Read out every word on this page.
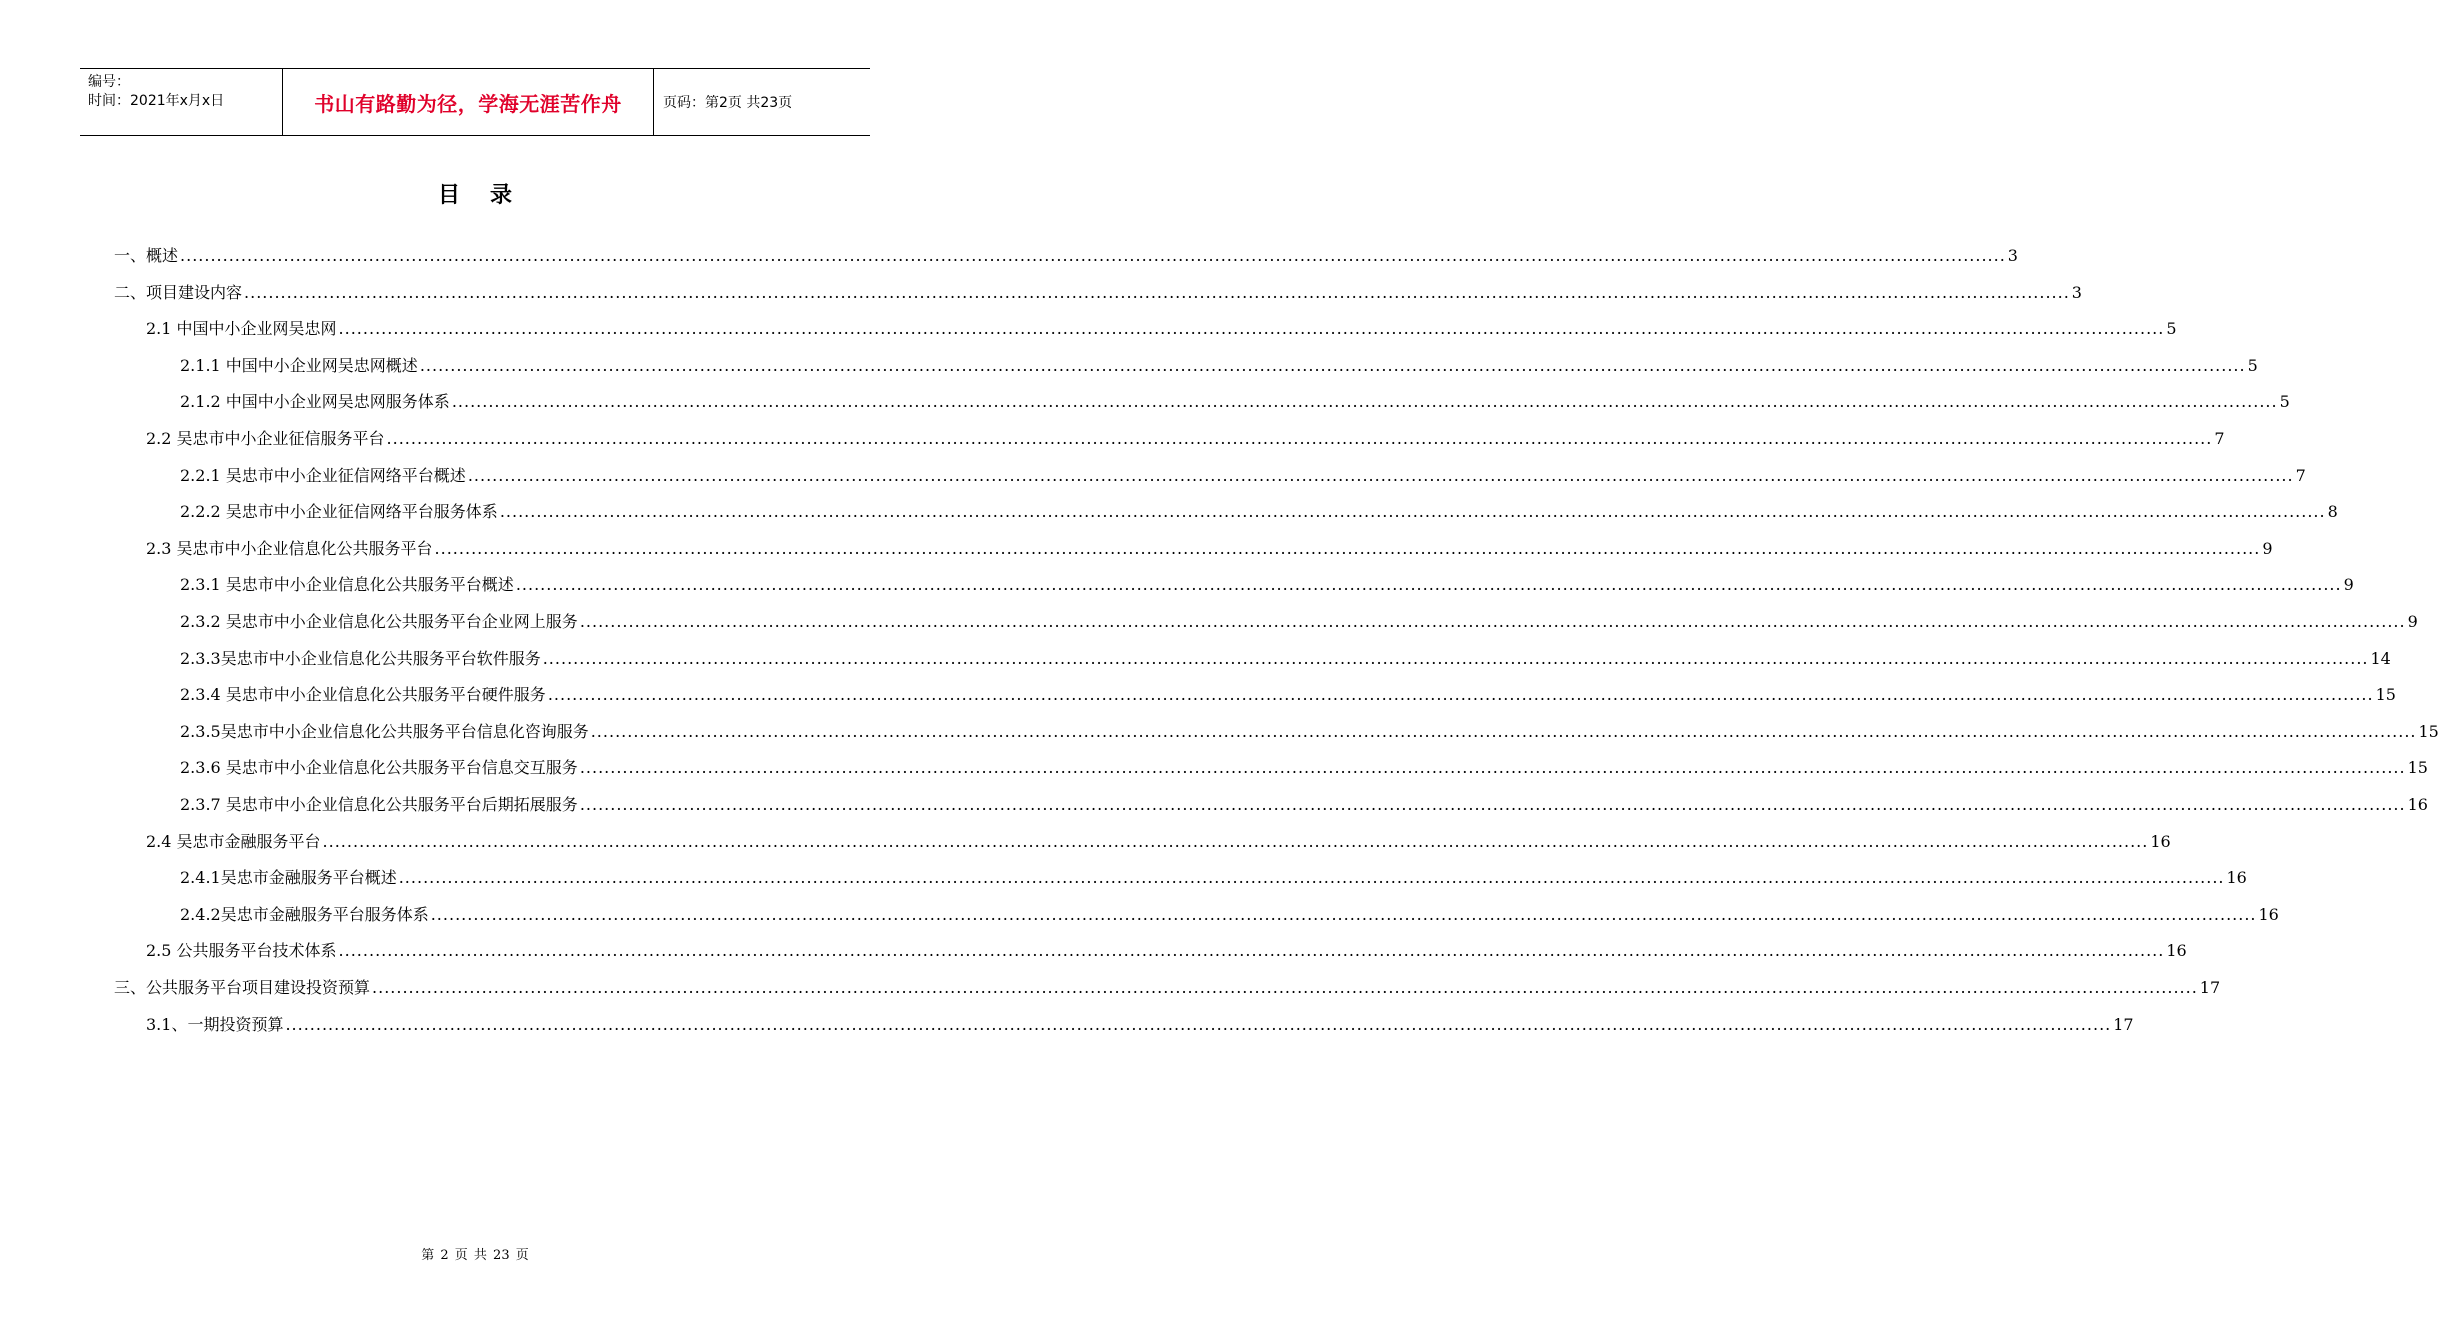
编号：
时间：2021年x月x日	书山有路勤为径，学海无涯苦作舟	页码：第2页 共23页
目录
一、概述 ............................................................................................................................................................................................................................................................................................................ 3
二、项目建设内容 ............................................................................................................................................................................................................................................................................................................ 3
2.1 中国中小企业网吴忠网 ............................................................................................................................................................................................................................................................................................................ 5
2.1.1 中国中小企业网吴忠网概述 ............................................................................................................................................................................................................................................................................................................ 5
2.1.2 中国中小企业网吴忠网服务体系 ............................................................................................................................................................................................................................................................................................................ 5
2.2 吴忠市中小企业征信服务平台 ............................................................................................................................................................................................................................................................................................................ 7
2.2.1 吴忠市中小企业征信网络平台概述 ............................................................................................................................................................................................................................................................................................................ 7
2.2.2 吴忠市中小企业征信网络平台服务体系 ............................................................................................................................................................................................................................................................................................................ 8
2.3 吴忠市中小企业信息化公共服务平台 ............................................................................................................................................................................................................................................................................................................ 9
2.3.1 吴忠市中小企业信息化公共服务平台概述 ............................................................................................................................................................................................................................................................................................................ 9
2.3.2 吴忠市中小企业信息化公共服务平台企业网上服务 ............................................................................................................................................................................................................................................................................................................ 9
2.3.3吴忠市中小企业信息化公共服务平台软件服务 ............................................................................................................................................................................................................................................................................................................ 14
2.3.4 吴忠市中小企业信息化公共服务平台硬件服务 ............................................................................................................................................................................................................................................................................................................ 15
2.3.5吴忠市中小企业信息化公共服务平台信息化咨询服务 ............................................................................................................................................................................................................................................................................................................ 15
2.3.6 吴忠市中小企业信息化公共服务平台信息交互服务 ............................................................................................................................................................................................................................................................................................................ 15
2.3.7 吴忠市中小企业信息化公共服务平台后期拓展服务 ............................................................................................................................................................................................................................................................................................................ 16
2.4 吴忠市金融服务平台 ............................................................................................................................................................................................................................................................................................................ 16
2.4.1吴忠市金融服务平台概述 ............................................................................................................................................................................................................................................................................................................ 16
2.4.2吴忠市金融服务平台服务体系 ............................................................................................................................................................................................................................................................................................................ 16
2.5 公共服务平台技术体系 ............................................................................................................................................................................................................................................................................................................ 16
三、公共服务平台项目建设投资预算 ............................................................................................................................................................................................................................................................................................................ 17
3.1、一期投资预算 ............................................................................................................................................................................................................................................................................................................ 17
第 2 页 共 23 页
